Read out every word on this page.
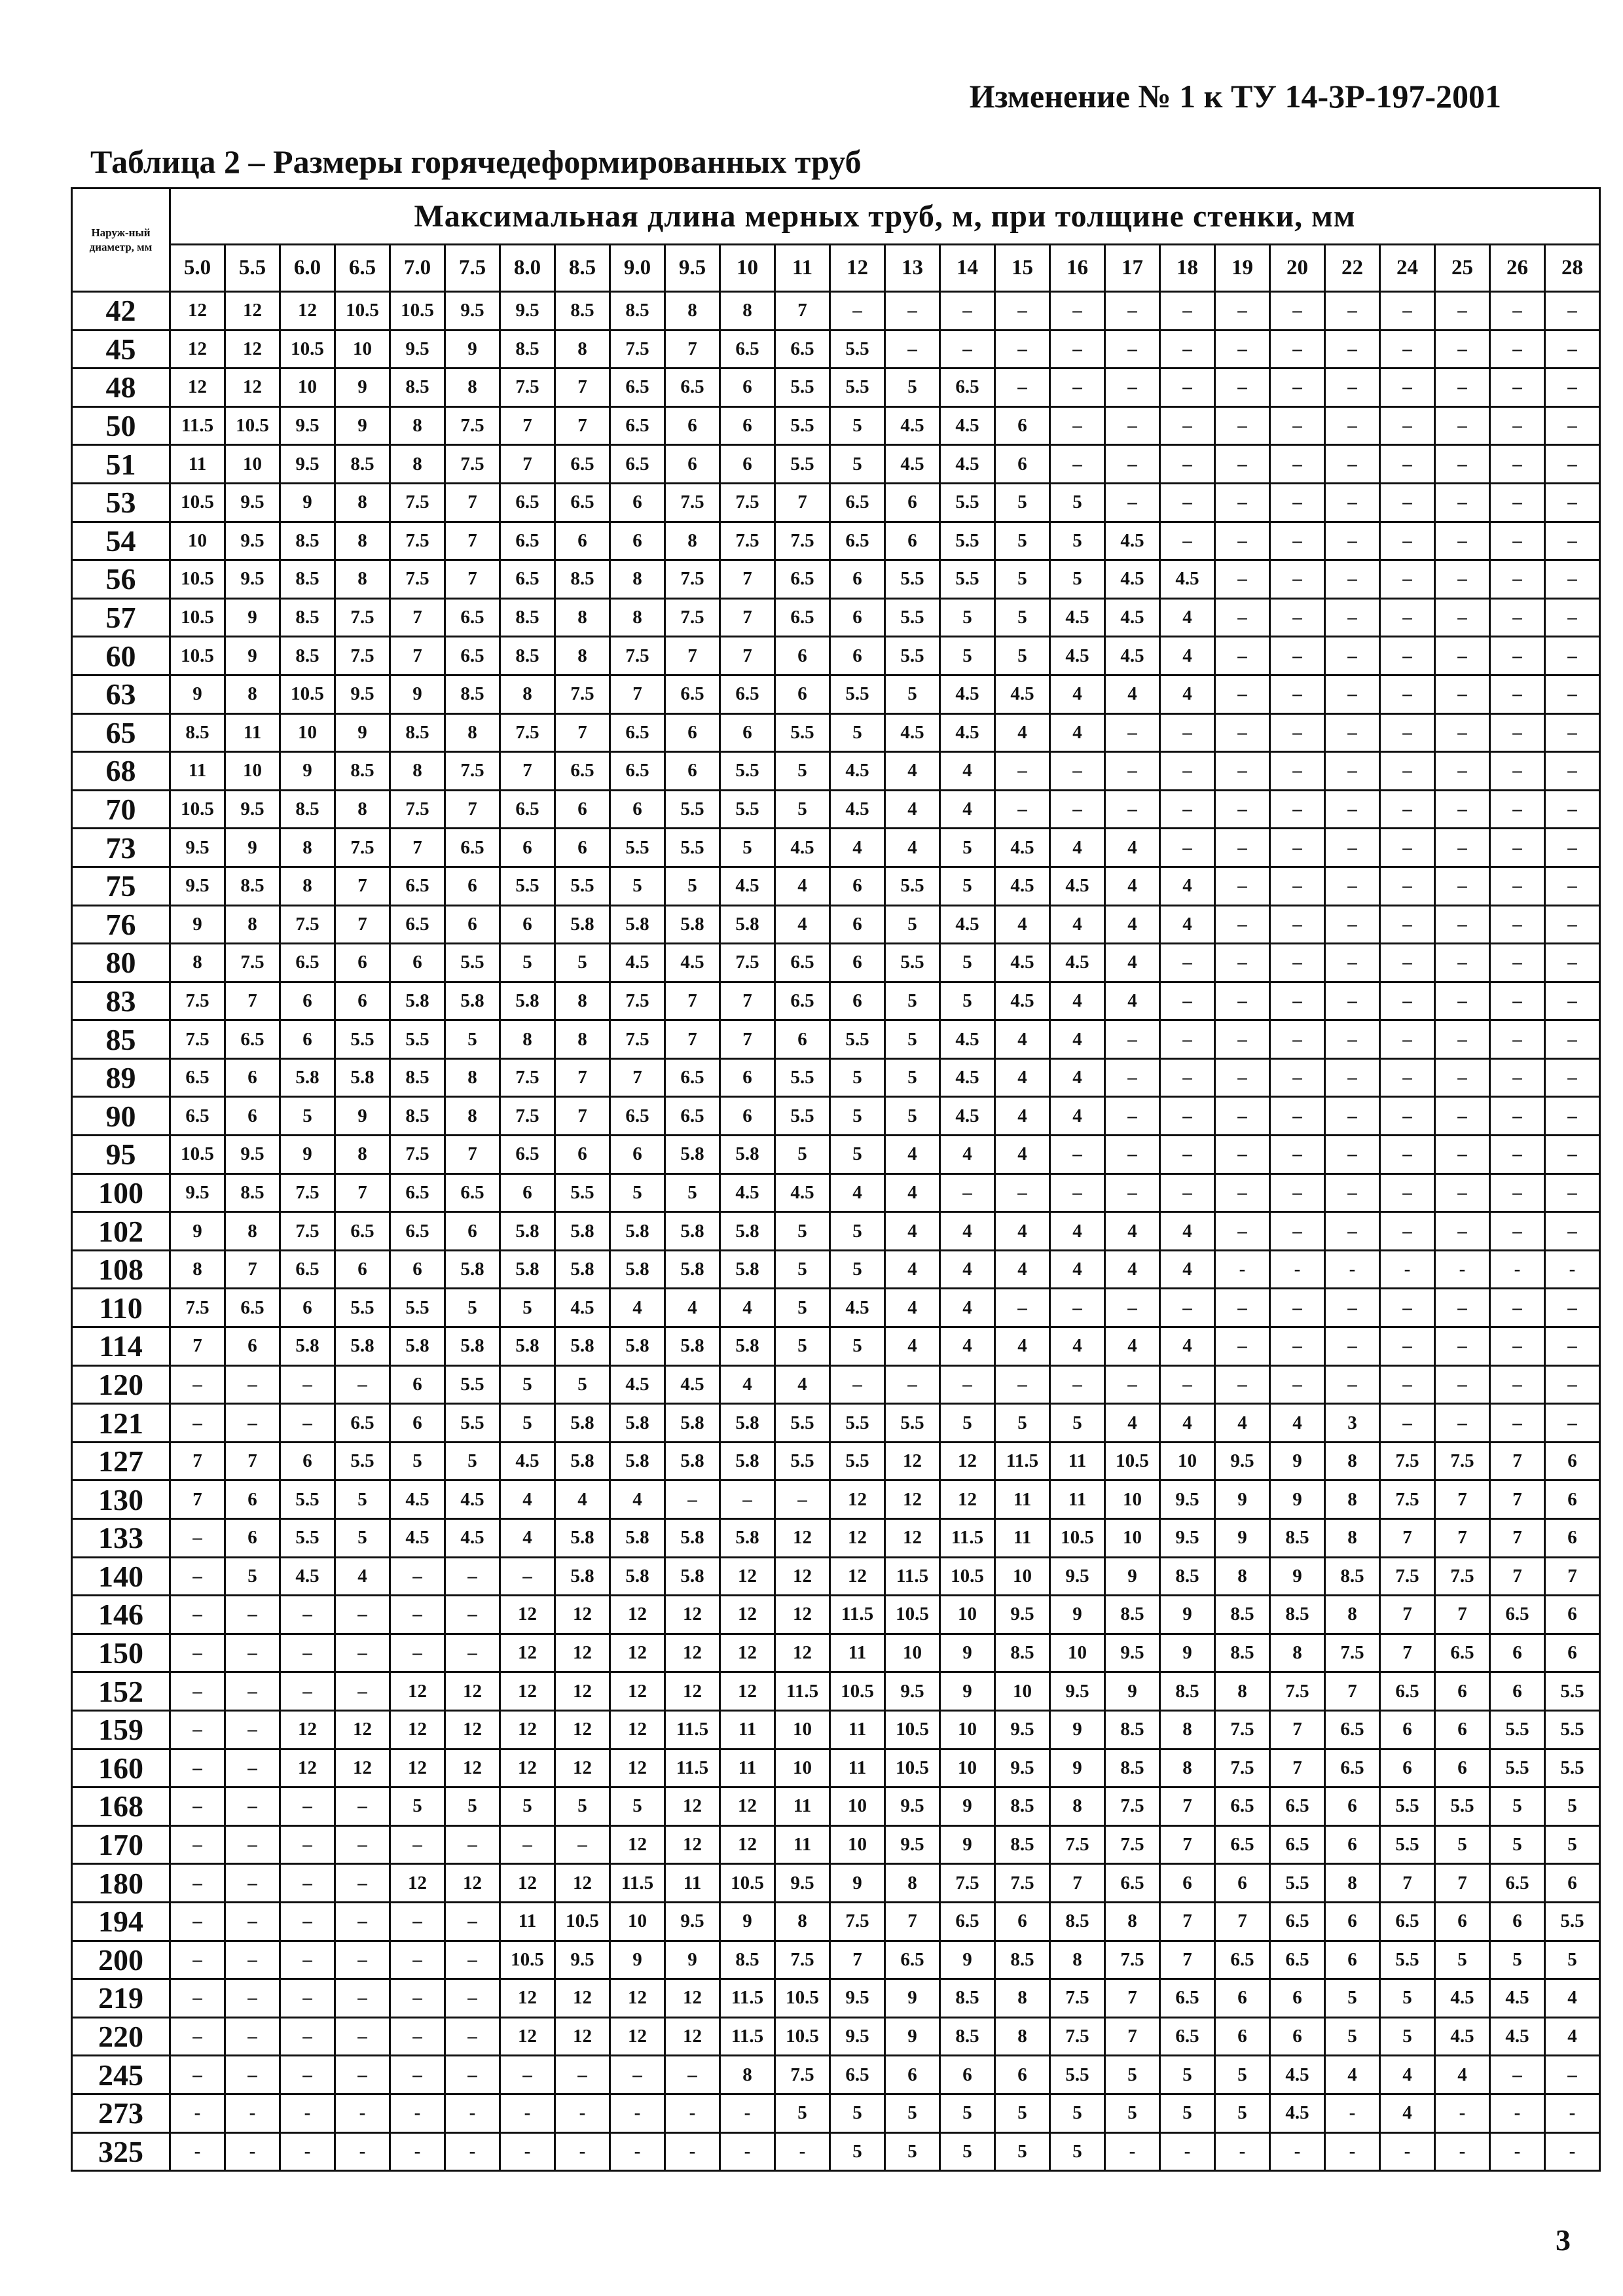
Изменение № 1 к ТУ 14-3Р-197-2001
Таблица 2 – Размеры горячедеформированных труб
Наруж-ный диаметр, мм	Максимальная длина мерных труб, м, при толщине стенки, мм																									
	5.0	5.5	6.0	6.5	7.0	7.5	8.0	8.5	9.0	9.5	10	11	12	13	14	15	16	17	18	19	20	22	24	25	26	28
42	12	12	12	10.5	10.5	9.5	9.5	8.5	8.5	8	8	7	–	–	–	–	–	–	–	–	–	–	–	–	–	–
45	12	12	10.5	10	9.5	9	8.5	8	7.5	7	6.5	6.5	5.5	–	–	–	–	–	–	–	–	–	–	–	–	–
48	12	12	10	9	8.5	8	7.5	7	6.5	6.5	6	5.5	5.5	5	6.5	–	–	–	–	–	–	–	–	–	–	–
50	11.5	10.5	9.5	9	8	7.5	7	7	6.5	6	6	5.5	5	4.5	4.5	6	–	–	–	–	–	–	–	–	–	–
51	11	10	9.5	8.5	8	7.5	7	6.5	6.5	6	6	5.5	5	4.5	4.5	6	–	–	–	–	–	–	–	–	–	–
53	10.5	9.5	9	8	7.5	7	6.5	6.5	6	7.5	7.5	7	6.5	6	5.5	5	5	–	–	–	–	–	–	–	–	–
54	10	9.5	8.5	8	7.5	7	6.5	6	6	8	7.5	7.5	6.5	6	5.5	5	5	4.5	–	–	–	–	–	–	–	–
56	10.5	9.5	8.5	8	7.5	7	6.5	8.5	8	7.5	7	6.5	6	5.5	5.5	5	5	4.5	4.5	–	–	–	–	–	–	–
57	10.5	9	8.5	7.5	7	6.5	8.5	8	8	7.5	7	6.5	6	5.5	5	5	4.5	4.5	4	–	–	–	–	–	–	–
60	10.5	9	8.5	7.5	7	6.5	8.5	8	7.5	7	7	6	6	5.5	5	5	4.5	4.5	4	–	–	–	–	–	–	–
63	9	8	10.5	9.5	9	8.5	8	7.5	7	6.5	6.5	6	5.5	5	4.5	4.5	4	4	4	–	–	–	–	–	–	–
65	8.5	11	10	9	8.5	8	7.5	7	6.5	6	6	5.5	5	4.5	4.5	4	4	–	–	–	–	–	–	–	–	–
68	11	10	9	8.5	8	7.5	7	6.5	6.5	6	5.5	5	4.5	4	4	–	–	–	–	–	–	–	–	–	–	–
70	10.5	9.5	8.5	8	7.5	7	6.5	6	6	5.5	5.5	5	4.5	4	4	–	–	–	–	–	–	–	–	–	–	–
73	9.5	9	8	7.5	7	6.5	6	6	5.5	5.5	5	4.5	4	4	5	4.5	4	4	–	–	–	–	–	–	–	–
75	9.5	8.5	8	7	6.5	6	5.5	5.5	5	5	4.5	4	6	5.5	5	4.5	4.5	4	4	–	–	–	–	–	–	–
76	9	8	7.5	7	6.5	6	6	5.8	5.8	5.8	5.8	4	6	5	4.5	4	4	4	4	–	–	–	–	–	–	–
80	8	7.5	6.5	6	6	5.5	5	5	4.5	4.5	7.5	6.5	6	5.5	5	4.5	4.5	4	–	–	–	–	–	–	–	–
83	7.5	7	6	6	5.8	5.8	5.8	8	7.5	7	7	6.5	6	5	5	4.5	4	4	–	–	–	–	–	–	–	–
85	7.5	6.5	6	5.5	5.5	5	8	8	7.5	7	7	6	5.5	5	4.5	4	4	–	–	–	–	–	–	–	–	–
89	6.5	6	5.8	5.8	8.5	8	7.5	7	7	6.5	6	5.5	5	5	4.5	4	4	–	–	–	–	–	–	–	–	–
90	6.5	6	5	9	8.5	8	7.5	7	6.5	6.5	6	5.5	5	5	4.5	4	4	–	–	–	–	–	–	–	–	–
95	10.5	9.5	9	8	7.5	7	6.5	6	6	5.8	5.8	5	5	4	4	4	–	–	–	–	–	–	–	–	–	–
100	9.5	8.5	7.5	7	6.5	6.5	6	5.5	5	5	4.5	4.5	4	4	–	–	–	–	–	–	–	–	–	–	–	–
102	9	8	7.5	6.5	6.5	6	5.8	5.8	5.8	5.8	5.8	5	5	4	4	4	4	4	4	–	–	–	–	–	–	–
108	8	7	6.5	6	6	5.8	5.8	5.8	5.8	5.8	5.8	5	5	4	4	4	4	4	4	-	-	-	-	-	-	-
110	7.5	6.5	6	5.5	5.5	5	5	4.5	4	4	4	5	4.5	4	4	–	–	–	–	–	–	–	–	–	–	–
114	7	6	5.8	5.8	5.8	5.8	5.8	5.8	5.8	5.8	5.8	5	5	4	4	4	4	4	4	–	–	–	–	–	–	–
120	–	–	–	–	6	5.5	5	5	4.5	4.5	4	4	–	–	–	–	–	–	–	–	–	–	–	–	–	–
121	–	–	–	6.5	6	5.5	5	5.8	5.8	5.8	5.8	5.5	5.5	5.5	5	5	5	4	4	4	4	3	–	–	–	–
127	7	7	6	5.5	5	5	4.5	5.8	5.8	5.8	5.8	5.5	5.5	12	12	11.5	11	10.5	10	9.5	9	8	7.5	7.5	7	6
130	7	6	5.5	5	4.5	4.5	4	4	4	–	–	–	12	12	12	11	11	10	9.5	9	9	8	7.5	7	7	6
133	–	6	5.5	5	4.5	4.5	4	5.8	5.8	5.8	5.8	12	12	12	11.5	11	10.5	10	9.5	9	8.5	8	7	7	7	6
140	–	5	4.5	4	–	–	–	5.8	5.8	5.8	12	12	12	11.5	10.5	10	9.5	9	8.5	8	9	8.5	7.5	7.5	7	7
146	–	–	–	–	–	–	12	12	12	12	12	12	11.5	10.5	10	9.5	9	8.5	9	8.5	8.5	8	7	7	6.5	6
150	–	–	–	–	–	–	12	12	12	12	12	12	11	10	9	8.5	10	9.5	9	8.5	8	7.5	7	6.5	6	6
152	–	–	–	–	12	12	12	12	12	12	12	11.5	10.5	9.5	9	10	9.5	9	8.5	8	7.5	7	6.5	6	6	5.5
159	–	–	12	12	12	12	12	12	12	11.5	11	10	11	10.5	10	9.5	9	8.5	8	7.5	7	6.5	6	6	5.5	5.5
160	–	–	12	12	12	12	12	12	12	11.5	11	10	11	10.5	10	9.5	9	8.5	8	7.5	7	6.5	6	6	5.5	5.5
168	–	–	–	–	5	5	5	5	5	12	12	11	10	9.5	9	8.5	8	7.5	7	6.5	6.5	6	5.5	5.5	5	5
170	–	–	–	–	–	–	–	–	12	12	12	11	10	9.5	9	8.5	7.5	7.5	7	6.5	6.5	6	5.5	5	5	5
180	–	–	–	–	12	12	12	12	11.5	11	10.5	9.5	9	8	7.5	7.5	7	6.5	6	6	5.5	8	7	7	6.5	6
194	–	–	–	–	–	–	11	10.5	10	9.5	9	8	7.5	7	6.5	6	8.5	8	7	7	6.5	6	6.5	6	6	5.5
200	–	–	–	–	–	–	10.5	9.5	9	9	8.5	7.5	7	6.5	9	8.5	8	7.5	7	6.5	6.5	6	5.5	5	5	5
219	–	–	–	–	–	–	12	12	12	12	11.5	10.5	9.5	9	8.5	8	7.5	7	6.5	6	6	5	5	4.5	4.5	4
220	–	–	–	–	–	–	12	12	12	12	11.5	10.5	9.5	9	8.5	8	7.5	7	6.5	6	6	5	5	4.5	4.5	4
245	–	–	–	–	–	–	–	–	–	–	8	7.5	6.5	6	6	6	5.5	5	5	5	4.5	4	4	4	–	–
273	-	-	-	-	-	-	-	-	-	-	-	5	5	5	5	5	5	5	5	5	4.5	-	4	-	-	-
325	-	-	-	-	-	-	-	-	-	-	-	-	5	5	5	5	5	-	-	-	-	-	-	-	-	-
3
